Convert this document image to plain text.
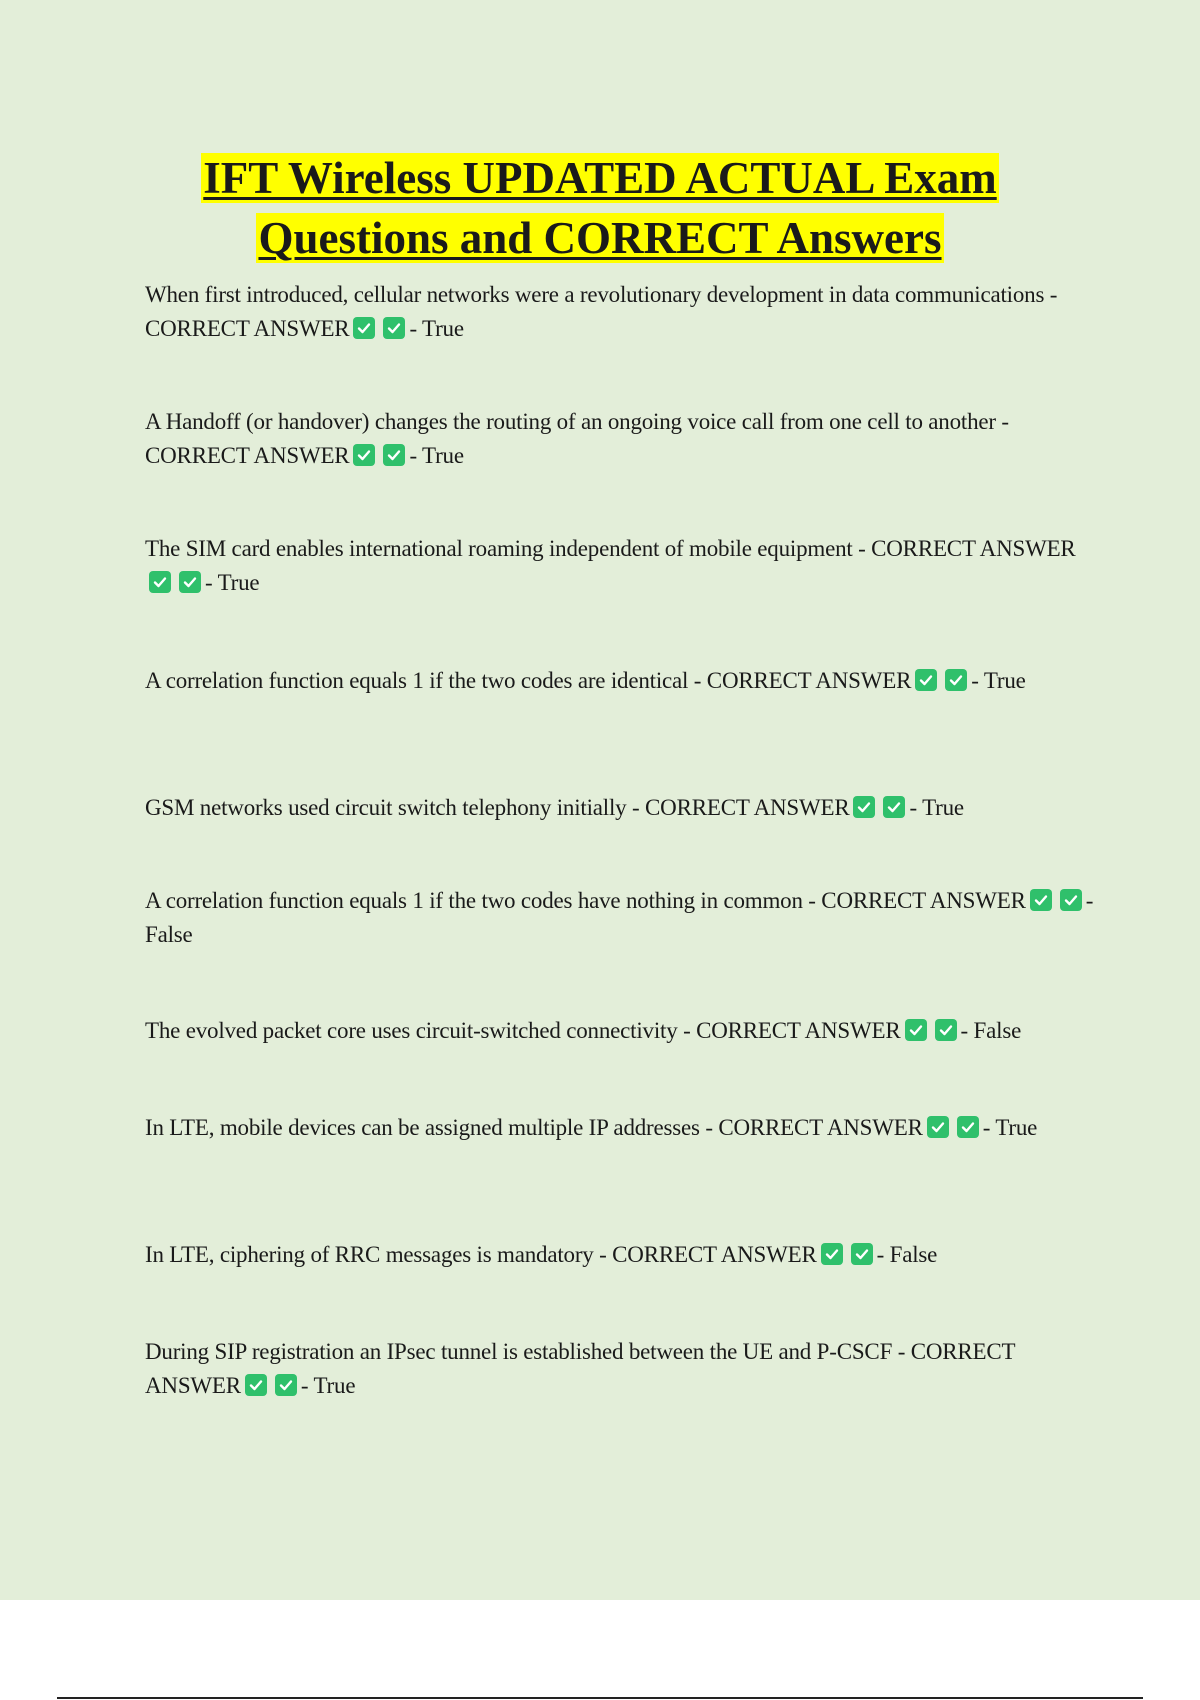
IFT Wireless UPDATED ACTUAL Exam
Questions and CORRECT Answers
When first introduced, cellular networks were a revolutionary development in data communications - CORRECT ANSWER	- True
A Handoff (or handover) changes the routing of an ongoing voice call from one cell to another - CORRECT ANSWER	- True
The SIM card enables international roaming independent of mobile equipment - CORRECT ANSWER
- True
A correlation function equals 1 if the two codes are identical - CORRECT ANSWER	- True
GSM networks used circuit switch telephony initially - CORRECT ANSWER	- True
A correlation function equals 1 if the two codes have nothing in common - CORRECT ANSWER	- False
The evolved packet core uses circuit-switched connectivity - CORRECT ANSWER	- False
In LTE, mobile devices can be assigned multiple IP addresses - CORRECT ANSWER	- True
In LTE, ciphering of RRC messages is mandatory - CORRECT ANSWER	- False
During SIP registration an IPsec tunnel is established between the UE and P-CSCF - CORRECT ANSWER	- True
